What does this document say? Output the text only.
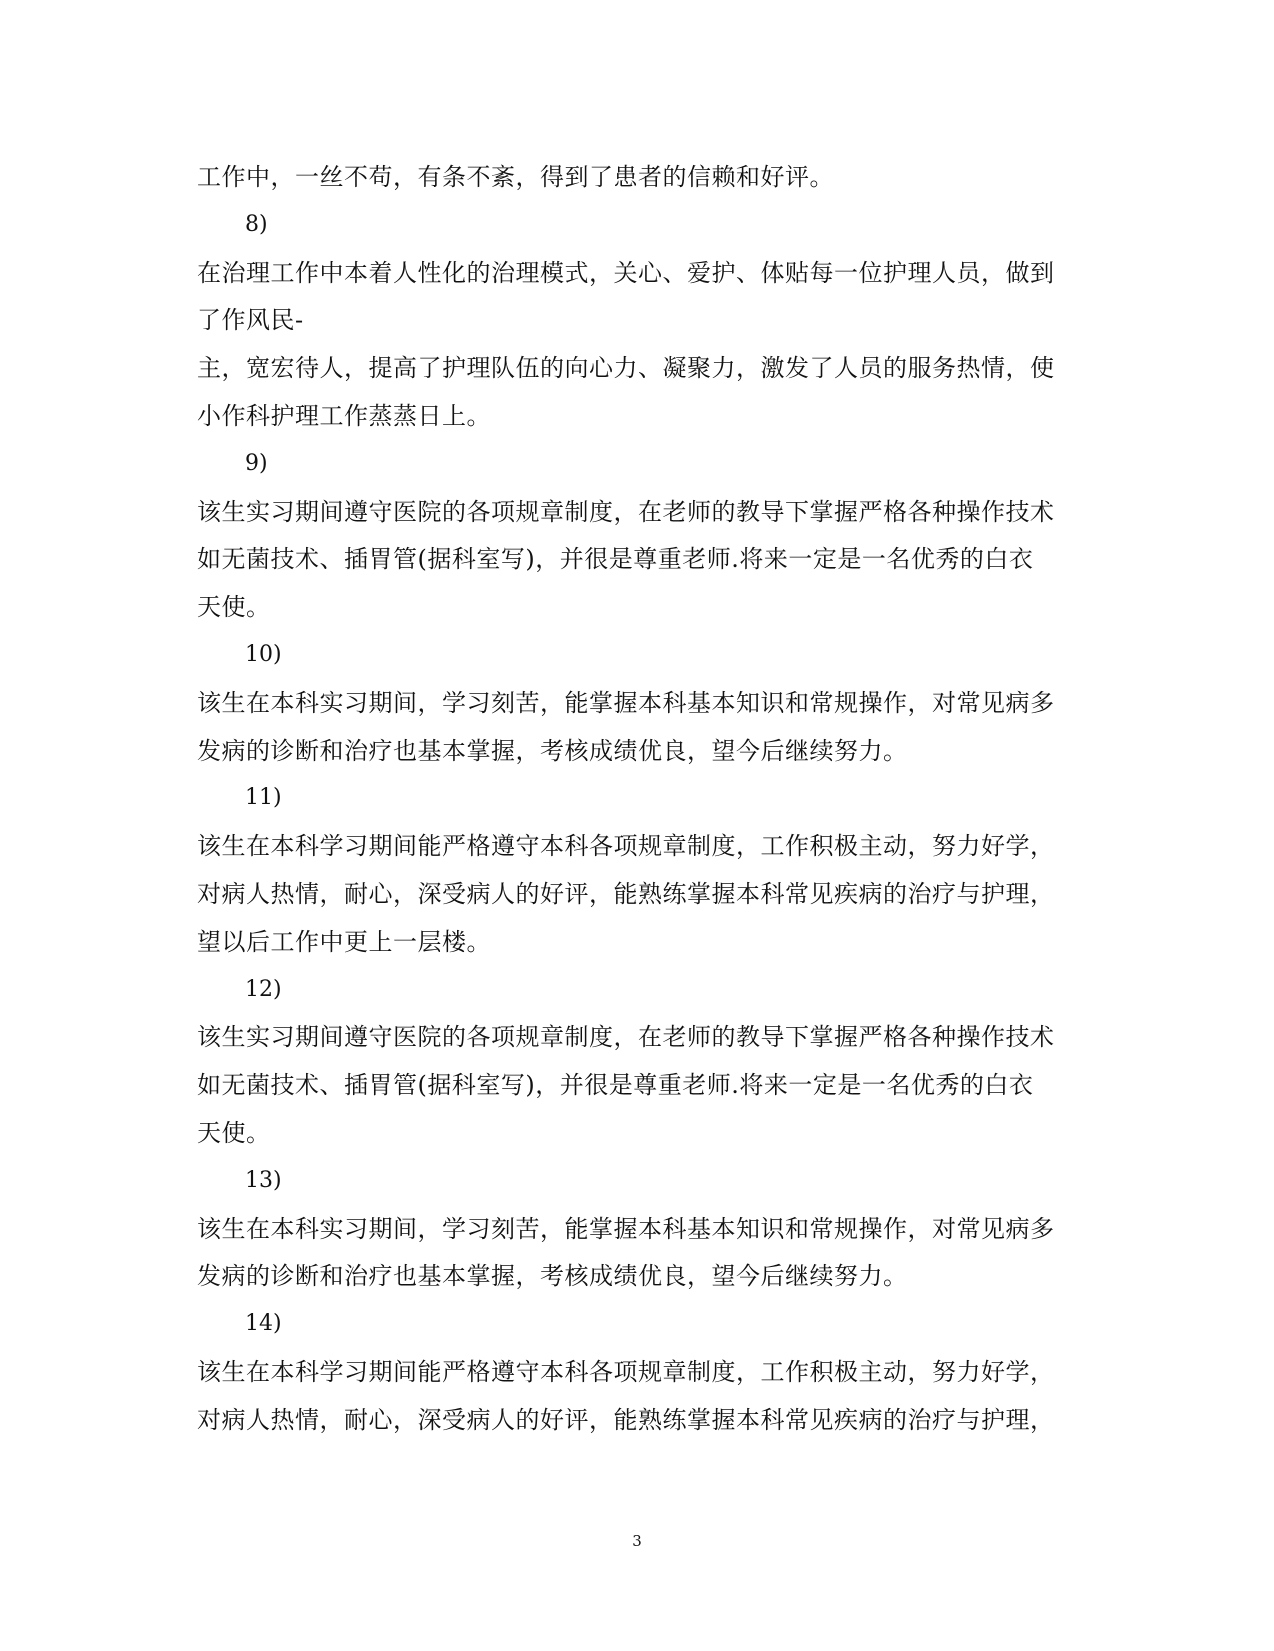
工作中，一丝不苟，有条不紊，得到了患者的信赖和好评。
8)
在治理工作中本着人性化的治理模式，关心、爱护、体贴每一位护理人员，做到
了作风民-
主，宽宏待人，提高了护理队伍的向心力、凝聚力，激发了人员的服务热情，使
小作科护理工作蒸蒸日上。
9)
该生实习期间遵守医院的各项规章制度，在老师的教导下掌握严格各种操作技术
如无菌技术、插胃管(据科室写)，并很是尊重老师.将来一定是一名优秀的白衣
天使。
10)
该生在本科实习期间，学习刻苦，能掌握本科基本知识和常规操作，对常见病多
发病的诊断和治疗也基本掌握，考核成绩优良，望今后继续努力。
11)
该生在本科学习期间能严格遵守本科各项规章制度，工作积极主动，努力好学，
对病人热情，耐心，深受病人的好评，能熟练掌握本科常见疾病的治疗与护理，
望以后工作中更上一层楼。
12)
该生实习期间遵守医院的各项规章制度，在老师的教导下掌握严格各种操作技术
如无菌技术、插胃管(据科室写)，并很是尊重老师.将来一定是一名优秀的白衣
天使。
13)
该生在本科实习期间，学习刻苦，能掌握本科基本知识和常规操作，对常见病多
发病的诊断和治疗也基本掌握，考核成绩优良，望今后继续努力。
14)
该生在本科学习期间能严格遵守本科各项规章制度，工作积极主动，努力好学，
对病人热情，耐心，深受病人的好评，能熟练掌握本科常见疾病的治疗与护理，
3
